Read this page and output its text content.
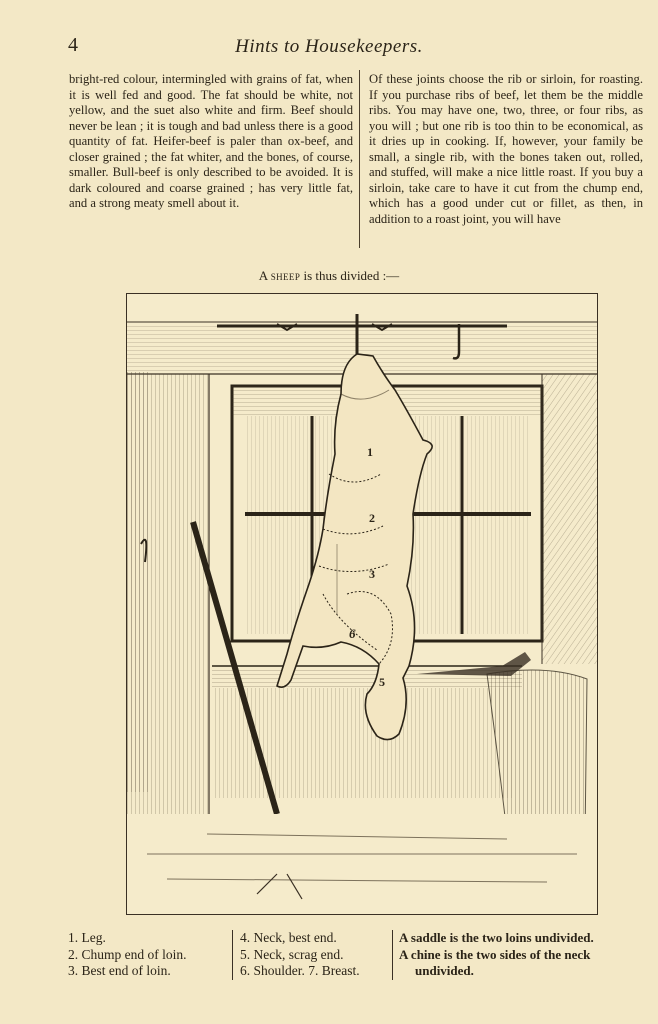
4	Hints to Housekeepers.
bright-red colour, intermingled with grains of fat, when it is well fed and good. The fat should be white, not yellow, and the suet also white and firm. Beef should never be lean ; it is tough and bad unless there is a good quantity of fat. Heifer-beef is paler than ox-beef, and closer grained ; the fat whiter, and the bones, of course, smaller. Bull-beef is only described to be avoided. It is dark coloured and coarse grained ; has very little fat, and a strong meaty smell about it.
Of these joints choose the rib or sirloin, for roasting. If you purchase ribs of beef, let them be the middle ribs. You may have one, two, three, or four ribs, as you will ; but one rib is too thin to be economical, as it dries up in cooking. If, however, your family be small, a single rib, with the bones taken out, rolled, and stuffed, will make a nice little roast. If you buy a sirloin, take care to have it cut from the chump end, which has a good under cut or fillet, as then, in addition to a roast joint, you will have
A sheep is thus divided :—
1
2
3
6
5
1. Leg.
2. Chump end of loin.
3. Best end of loin.
4. Neck, best end.
5. Neck, scrag end.
6. Shoulder. 7. Breast.
A saddle is the two loins undivided.
A chine is the two sides of the neck
undivided.
